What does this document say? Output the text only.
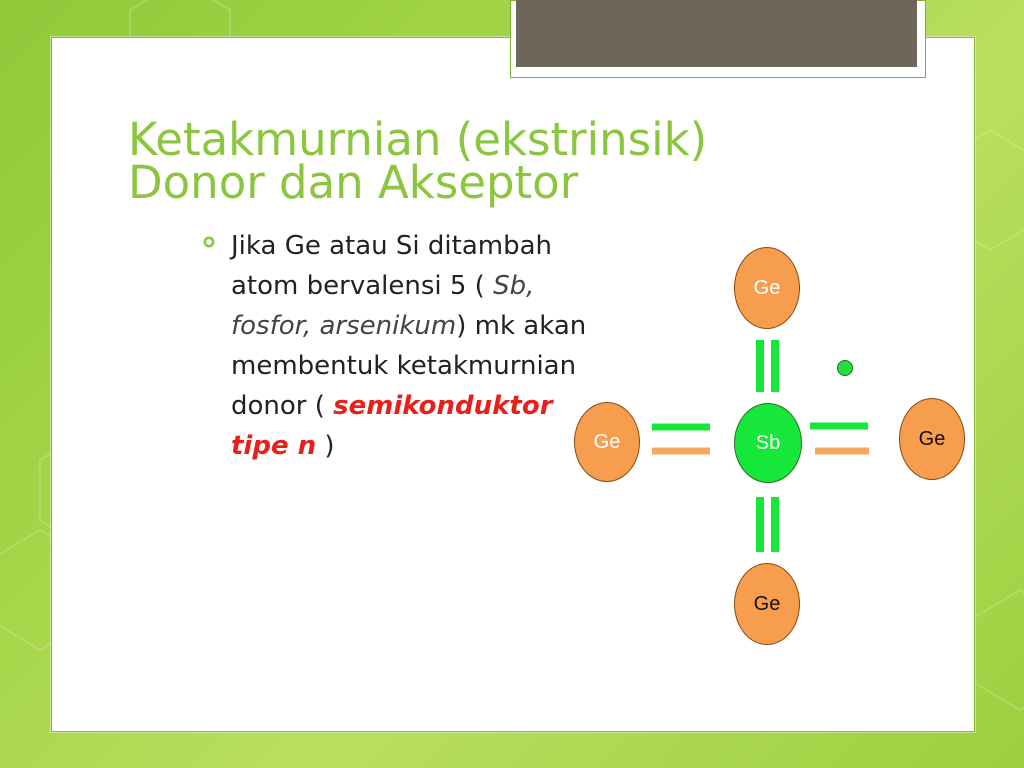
Ketakmurnian (ekstrinsik)
Donor dan Akseptor
Jika Ge atau Si ditambah atom bervalensi 5 ( Sb, fosfor, arsenikum) mk akan membentuk ketakmurnian donor ( semikonduktor tipe n )
Ge
Ge	Sb	Ge
Ge
